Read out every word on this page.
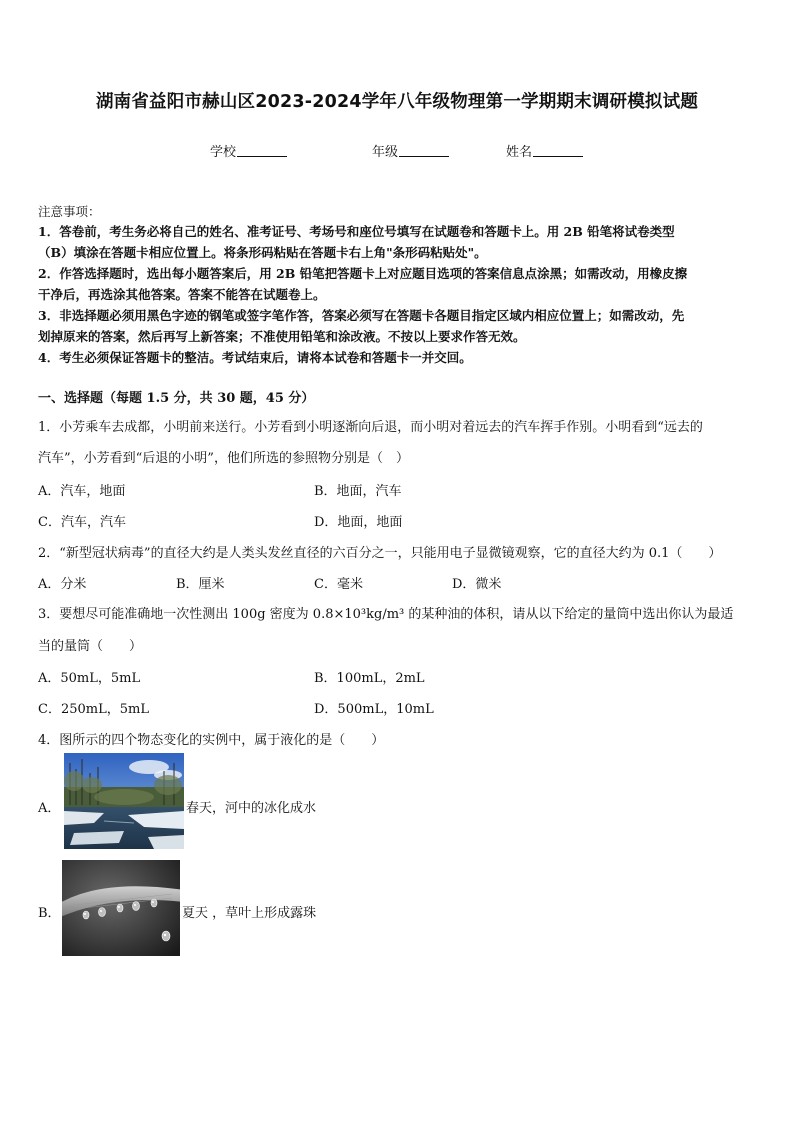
湖南省益阳市赫山区2023-2024学年八年级物理第一学期期末调研模拟试题
学校	年级	姓名
注意事项：
1．答卷前，考生务必将自己的姓名、准考证号、考场号和座位号填写在试题卷和答题卡上。用 2B 铅笔将试卷类型
（B）填涂在答题卡相应位置上。将条形码粘贴在答题卡右上角"条形码粘贴处"。
2．作答选择题时，选出每小题答案后，用 2B 铅笔把答题卡上对应题目选项的答案信息点涂黑；如需改动，用橡皮擦
干净后，再选涂其他答案。答案不能答在试题卷上。
3．非选择题必须用黑色字迹的钢笔或签字笔作答，答案必须写在答题卡各题目指定区域内相应位置上；如需改动，先
划掉原来的答案，然后再写上新答案；不准使用铅笔和涂改液。不按以上要求作答无效。
4．考生必须保证答题卡的整洁。考试结束后，请将本试卷和答题卡一并交回。
一、选择题（每题 1.5 分，共 30 题，45 分）
1．小芳乘车去成都，小明前来送行。小芳看到小明逐渐向后退，而小明对着远去的汽车挥手作别。小明看到“远去的
汽车”，小芳看到“后退的小明”，他们所选的参照物分别是（　）
A．汽车，地面	B．地面，汽车
C．汽车，汽车	D．地面，地面
2．“新型冠状病毒”的直径大约是人类头发丝直径的六百分之一，只能用电子显微镜观察，它的直径大约为 0.1（　　）
A．分米	B．厘米	C．毫米	D．微米
3．要想尽可能准确地一次性测出 100g 密度为 0.8×10³kg/m³ 的某种油的体积，请从以下给定的量筒中选出你认为最适
当的量筒（　　）
A．50mL，5mL	B．100mL，2mL
C．250mL，5mL	D．500mL，10mL
4．图所示的四个物态变化的实例中，属于液化的是（　　）
A．	春天，河中的冰化成水
B．	夏天 ，草叶上形成露珠
